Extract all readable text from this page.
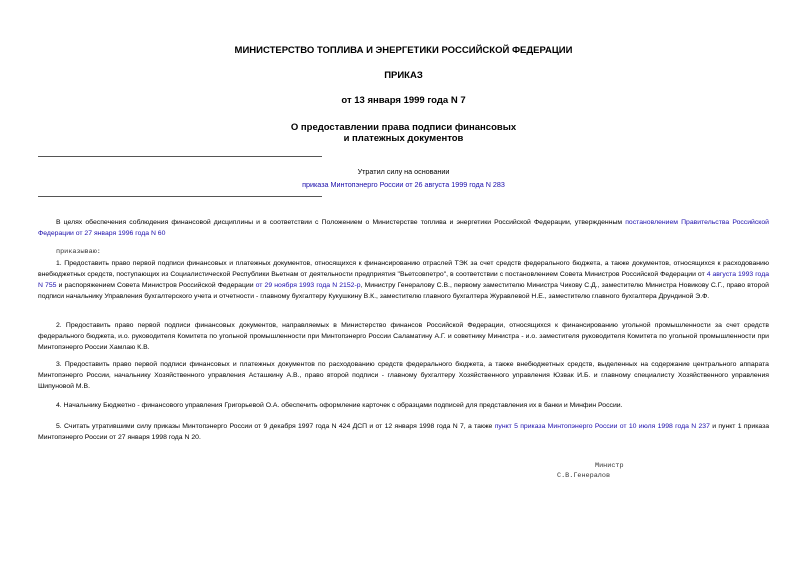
МИНИСТЕРСТВО ТОПЛИВА И ЭНЕРГЕТИКИ РОССИЙСКОЙ ФЕДЕРАЦИИ
ПРИКАЗ
от 13 января 1999 года N 7
О предоставлении права подписи финансовых
и платежных документов
Утратил силу на основании
приказа Минтопэнерго России от 26 августа 1999 года N 283
В целях обеспечения соблюдения финансовой дисциплины и в соответствии с Положением о Министерстве топлива и энергетики Российской Федерации, утвержденным постановлением Правительства Российской Федерации от 27 января 1996 года N 60
приказываю:
1. Предоставить право первой подписи финансовых и платежных документов, относящихся к финансированию отраслей ТЭК за счет средств федерального бюджета, а также документов, относящихся к расходованию внебюджетных средств, поступающих из Социалистической Республики Вьетнам от деятельности предприятия "Вьетсовпетро", в соответствии с постановлением Совета Министров Российской Федерации от 4 августа 1993 года N 755 и распоряжением Совета Министров Российской Федерации от 29 ноября 1993 года N 2152-р, Министру Генералову С.В., первому заместителю Министра Чикову С.Д., заместителю Министра Новикову С.Г., право второй подписи начальнику Управления бухгалтерского учета и отчетности - главному бухгалтеру Кукушкину В.К., заместителю главного бухгалтера Журавлевой Н.Е., заместителю главного бухгалтера Друндиной Э.Ф.
2. Предоставить право первой подписи финансовых документов, направляемых в Министерство финансов Российской Федерации, относящихся к финансированию угольной промышленности за счет средств федерального бюджета, и.о. руководителя Комитета по угольной промышленности при Минтопэнерго России Саламатину А.Г. и советнику Министра - и.о. заместителя руководителя Комитета по угольной промышленности при Минтопэнерго России Хамлаю К.В.
3. Предоставить право первой подписи финансовых и платежных документов по расходованию средств федерального бюджета, а также внебюджетных средств, выделенных на содержание центрального аппарата Минтопэнерго России, начальнику Хозяйственного управления Асташкину А.В., право второй подписи - главному бухгалтеру Хозяйственного управления Юзвак И.Б. и главному специалисту Хозяйственного управления Шипуновой М.В.
4. Начальнику Бюджетно - финансового управления Григорьевой О.А. обеспечить оформление карточек с образцами подписей для представления их в банки и Минфин России.
5. Считать утратившими силу приказы Минтопэнерго России от 9 декабря 1997 года N 424 ДСП и от 12 января 1998 года N 7, а также пункт 5 приказа Минтопэнерго России от 10 июля 1998 года N 237 и пункт 1 приказа Минтопэнерго России от 27 января 1998 года N 20.
Министр
С.В.Генералов
